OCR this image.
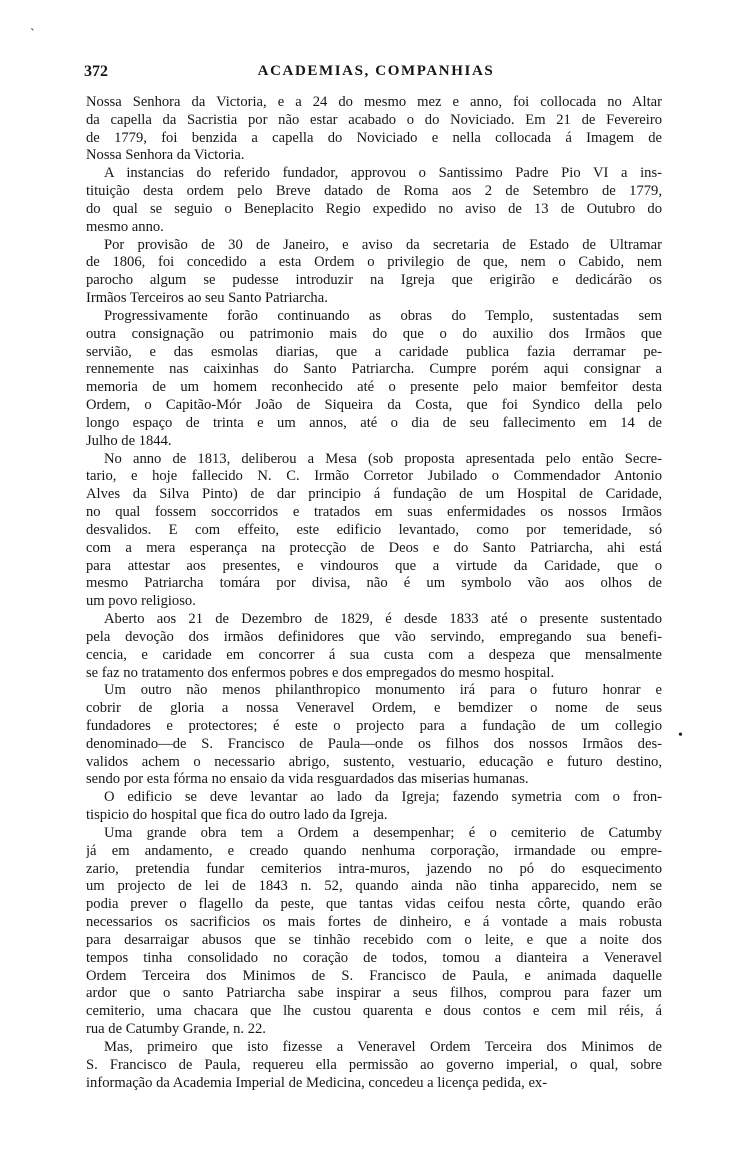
`
372	ACADEMIAS, COMPANHIAS
Nossa Senhora da Victoria, e a 24 do mesmo mez e anno, foi collocada no Altar
da capella da Sacristia por não estar acabado o do Noviciado. Em 21 de Fevereiro
de 1779, foi benzida a capella do Noviciado e nella collocada á Imagem de
Nossa Senhora da Victoria.
A instancias do referido fundador, approvou o Santissimo Padre Pio VI a ins-
tituição desta ordem pelo Breve datado de Roma aos 2 de Setembro de 1779,
do qual se seguio o Beneplacito Regio expedido no aviso de 13 de Outubro do
mesmo anno.
Por provisão de 30 de Janeiro, e aviso da secretaria de Estado de Ultramar
de 1806, foi concedido a esta Ordem o privilegio de que, nem o Cabido, nem
parocho algum se pudesse introduzir na Igreja que erigirão e dedicárão os
Irmãos Terceiros ao seu Santo Patriarcha.
Progressivamente forão continuando as obras do Templo, sustentadas sem
outra consignação ou patrimonio mais do que o do auxilio dos Irmãos que
servião, e das esmolas diarias, que a caridade publica fazia derramar pe-
rennemente nas caixinhas do Santo Patriarcha. Cumpre porém aqui consignar a
memoria de um homem reconhecido até o presente pelo maior bemfeitor desta
Ordem, o Capitão-Mór João de Siqueira da Costa, que foi Syndico della pelo
longo espaço de trinta e um annos, até o dia de seu fallecimento em 14 de
Julho de 1844.
No anno de 1813, deliberou a Mesa (sob proposta apresentada pelo então Secre-
tario, e hoje fallecido N. C. Irmão Corretor Jubilado o Commendador Antonio
Alves da Silva Pinto) de dar principio á fundação de um Hospital de Caridade,
no qual fossem soccorridos e tratados em suas enfermidades os nossos Irmãos
desvalidos. E com effeito, este edificio levantado, como por temeridade, só
com a mera esperança na protecção de Deos e do Santo Patriarcha, ahi está
para attestar aos presentes, e vindouros que a virtude da Caridade, que o
mesmo Patriarcha tomára por divisa, não é um symbolo vão aos olhos de
um povo religioso.
Aberto aos 21 de Dezembro de 1829, é desde 1833 até o presente sustentado
pela devoção dos irmãos definidores que vão servindo, empregando sua benefi-
cencia, e caridade em concorrer á sua custa com a despeza que mensalmente
se faz no tratamento dos enfermos pobres e dos empregados do mesmo hospital.
Um outro não menos philanthropico monumento irá para o futuro honrar e
cobrir de gloria a nossa Veneravel Ordem, e bemdizer o nome de seus
fundadores e protectores; é este o projecto para a fundação de um collegio
denominado—de S. Francisco de Paula—onde os filhos dos nossos Irmãos des-
validos achem o necessario abrigo, sustento, vestuario, educação e futuro destino,
sendo por esta fórma no ensaio da vida resguardados das miserias humanas.
O edificio se deve levantar ao lado da Igreja; fazendo symetria com o fron-
tispicio do hospital que fica do outro lado da Igreja.
Uma grande obra tem a Ordem a desempenhar; é o cemiterio de Catumby
já em andamento, e creado quando nenhuma corporação, irmandade ou empre-
zario, pretendia fundar cemiterios intra-muros, jazendo no pó do esquecimento
um projecto de lei de 1843 n. 52, quando ainda não tinha apparecido, nem se
podia prever o flagello da peste, que tantas vidas ceifou nesta côrte, quando erão
necessarios os sacrificios os mais fortes de dinheiro, e á vontade a mais robusta
para desarraigar abusos que se tinhão recebido com o leite, e que a noite dos
tempos tinha consolidado no coração de todos, tomou a dianteira a Veneravel
Ordem Terceira dos Minimos de S. Francisco de Paula, e animada daquelle
ardor que o santo Patriarcha sabe inspirar a seus filhos, comprou para fazer um
cemiterio, uma chacara que lhe custou quarenta e dous contos e cem mil réis, á
rua de Catumby Grande, n. 22.
Mas, primeiro que isto fizesse a Veneravel Ordem Terceira dos Minimos de
S. Francisco de Paula, requereu ella permissão ao governo imperial, o qual, sobre
informação da Academia Imperial de Medicina, concedeu a licença pedida, ex-
•
